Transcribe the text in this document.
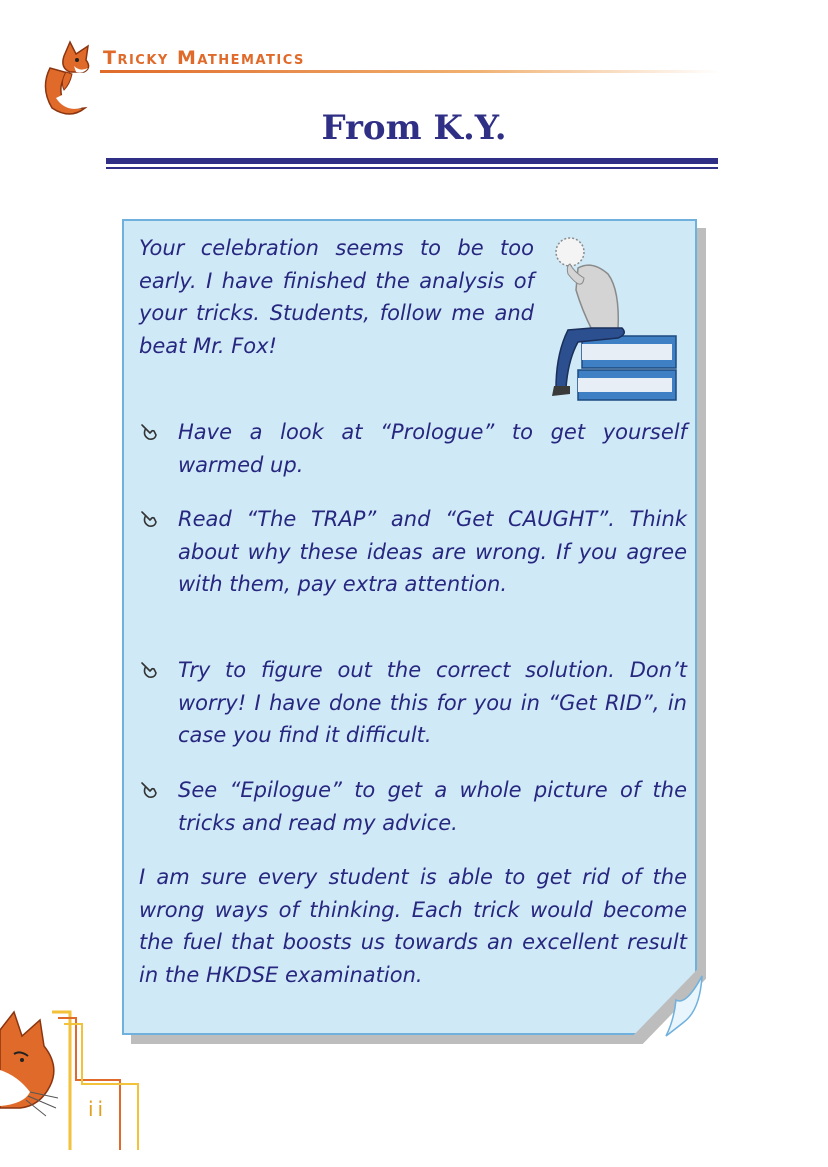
Tricky Mathematics
From K.Y.
Your celebration seems to be too early. I have finished the analysis of your tricks. Students, follow me and beat Mr. Fox!
Have a look at “Prologue” to get yourself warmed up.
Read “The TRAP” and “Get CAUGHT”. Think about why these ideas are wrong. If you agree with them, pay extra attention.
Try to figure out the correct solution. Don’t worry! I have done this for you in “Get RID”, in case you find it difficult.
See “Epilogue” to get a whole picture of the tricks and read my advice.
I am sure every student is able to get rid of the wrong ways of thinking. Each trick would become the fuel that boosts us towards an excellent result in the HKDSE examination.
ii
